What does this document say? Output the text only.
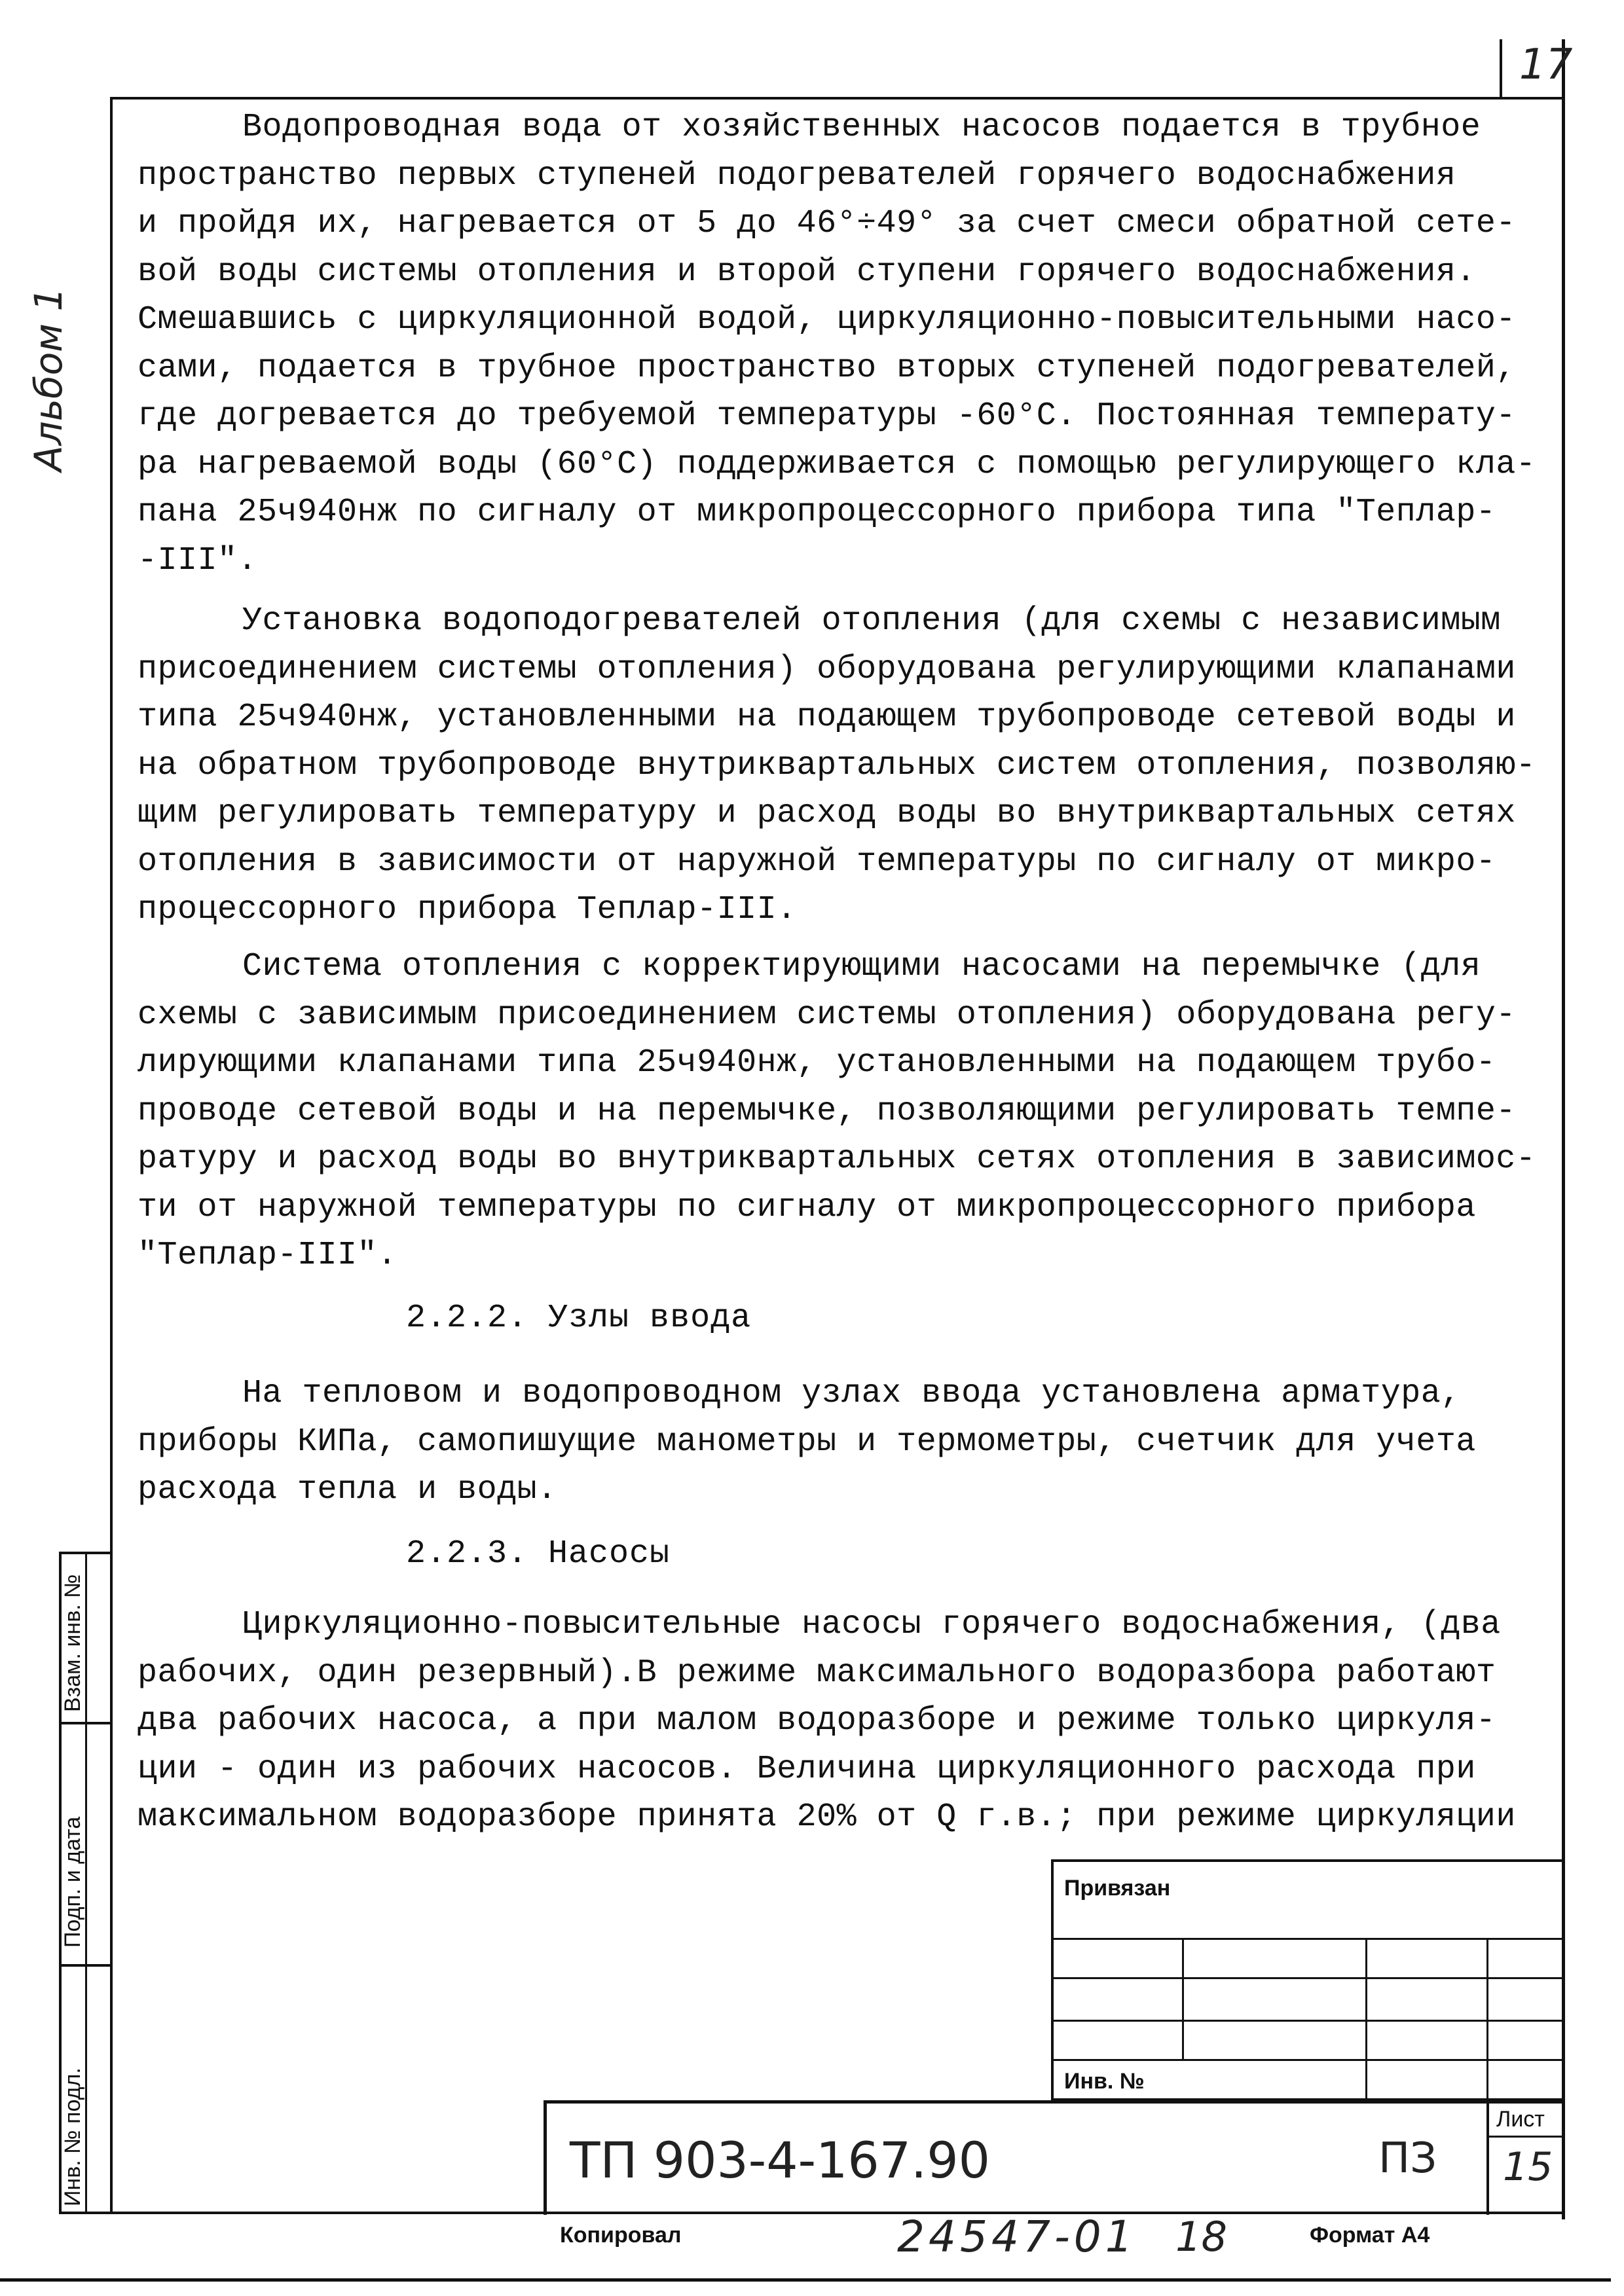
17
Альбом 1
Водопроводная вода от хозяйственных насосов подается в трубное
пространство первых ступеней подогревателей горячего водоснабжения
и пройдя их, нагревается от 5 до 46°÷49° за счет смеси обратной сете-
вой воды системы отопления и второй ступени горячего водоснабжения.
Смешавшись с циркуляционной водой, циркуляционно-повысительными насо-
сами, подается в трубное пространство вторых ступеней подогревателей,
где догревается до требуемой температуры -60°С. Постоянная температу-
ра нагреваемой воды (60°С) поддерживается с помощью регулирующего кла-
пана 25ч940нж по сигналу от микропроцессорного прибора типа "Теплар-
-III".
Установка водоподогревателей отопления (для схемы с независимым
присоединением системы отопления) оборудована регулирующими клапанами
типа 25ч940нж, установленными на подающем трубопроводе сетевой воды и
на обратном трубопроводе внутриквартальных систем отопления, позволяю-
щим регулировать температуру и расход воды во внутриквартальных сетях
отопления в зависимости от наружной температуры по сигналу от микро-
процессорного прибора Теплар-III.
Система отопления с корректирующими насосами на перемычке (для
схемы с зависимым присоединением системы отопления) оборудована регу-
лирующими клапанами типа 25ч940нж, установленными на подающем трубо-
проводе сетевой воды и на перемычке, позволяющими регулировать темпе-
ратуру и расход воды во внутриквартальных сетях отопления в зависимос-
ти от наружной температуры по сигналу от микропроцессорного прибора
"Теплар-III".
2.2.2. Узлы ввода
На тепловом и водопроводном узлах ввода установлена арматура,
приборы КИПа, самопишущие манометры и термометры, счетчик для учета
расхода тепла и воды.
2.2.3. Насосы
Циркуляционно-повысительные насосы горячего водоснабжения, (два
рабочих, один резервный).В режиме максимального водоразбора работают
два рабочих насоса, а при малом водоразборе и режиме только циркуля-
ции - один из рабочих насосов. Величина циркуляционного расхода при
максимальном водоразборе принята 20% от Q г.в.; при режиме циркуляции
Взам. инв. №
Подп. и дата
Инв. № подл.
Привязан
Инв. №
ТП 903-4-167.90	ПЗ
Лист
15
Копировал	24547-01 18	Формат А4
